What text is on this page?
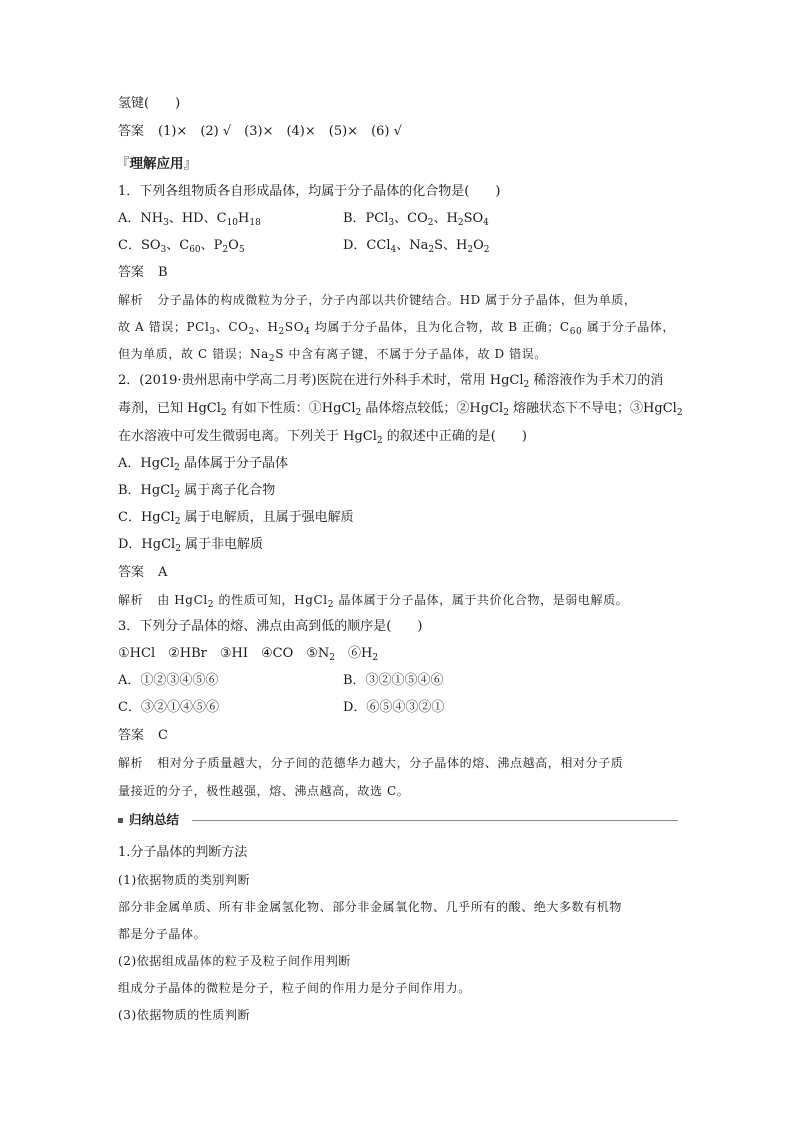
氢键(　　)
答案 (1)×　(2) √　(3)×　(4)×　(5)×　(6) √
『理解应用』
1．下列各组物质各自形成晶体，均属于分子晶体的化合物是(　　)
A．$NH_3$、HD、$C_{10}H_{18}$	B．PCl$_3$、$CO_2$、$H_2SO_4$
C．$SO_3$、$C_{60}$、$P_2O_5$	D．CCl$_4$、$Na_2S$、$H_2O_2$
答案 B
解析 分子晶体的构成微粒为分子，分子内部以共价键结合。HD 属于分子晶体，但为单质，
故 A 错误；PCl$_3$、$CO_2$、$H_2SO_4$ 均属于分子晶体，且为化合物，故 B 正确；$C_{60}$ 属于分子晶体，
但为单质，故 C 错误；$Na_2S$ 中含有离子键，不属于分子晶体，故 D 错误。
2．(2019·贵州思南中学高二月考)医院在进行外科手术时，常用 HgCl$_2$ 稀溶液作为手术刀的消
毒剂，已知 HgCl$_2$ 有如下性质：①HgCl$_2$ 晶体熔点较低；②HgCl$_2$ 熔融状态下不导电；③HgCl$_2$
在水溶液中可发生微弱电离。下列关于 HgCl$_2$ 的叙述中正确的是(　　)
A．HgCl$_2$ 晶体属于分子晶体
B．HgCl$_2$ 属于离子化合物
C．HgCl$_2$ 属于电解质，且属于强电解质
D．HgCl$_2$ 属于非电解质
答案 A
解析 由 HgCl$_2$ 的性质可知，HgCl$_2$ 晶体属于分子晶体，属于共价化合物，是弱电解质。
3．下列分子晶体的熔、沸点由高到低的顺序是(　　)
①HCl　②HBr　③HI　④CO　$⑤N_2$　$⑥H_2$
A．①②③④⑤⑥	B．③②①⑤④⑥
C．③②①④⑤⑥	D．⑥⑤④③②①
答案 C
解析 相对分子质量越大，分子间的范德华力越大，分子晶体的熔、沸点越高，相对分子质
量接近的分子，极性越强，熔、沸点越高，故选 C。
归纳总结
1.分子晶体的判断方法
(1)依据物质的类别判断
部分非金属单质、所有非金属氢化物、部分非金属氧化物、几乎所有的酸、绝大多数有机物
都是分子晶体。
(2)依据组成晶体的粒子及粒子间作用判断
组成分子晶体的微粒是分子，粒子间的作用力是分子间作用力。
(3)依据物质的性质判断
